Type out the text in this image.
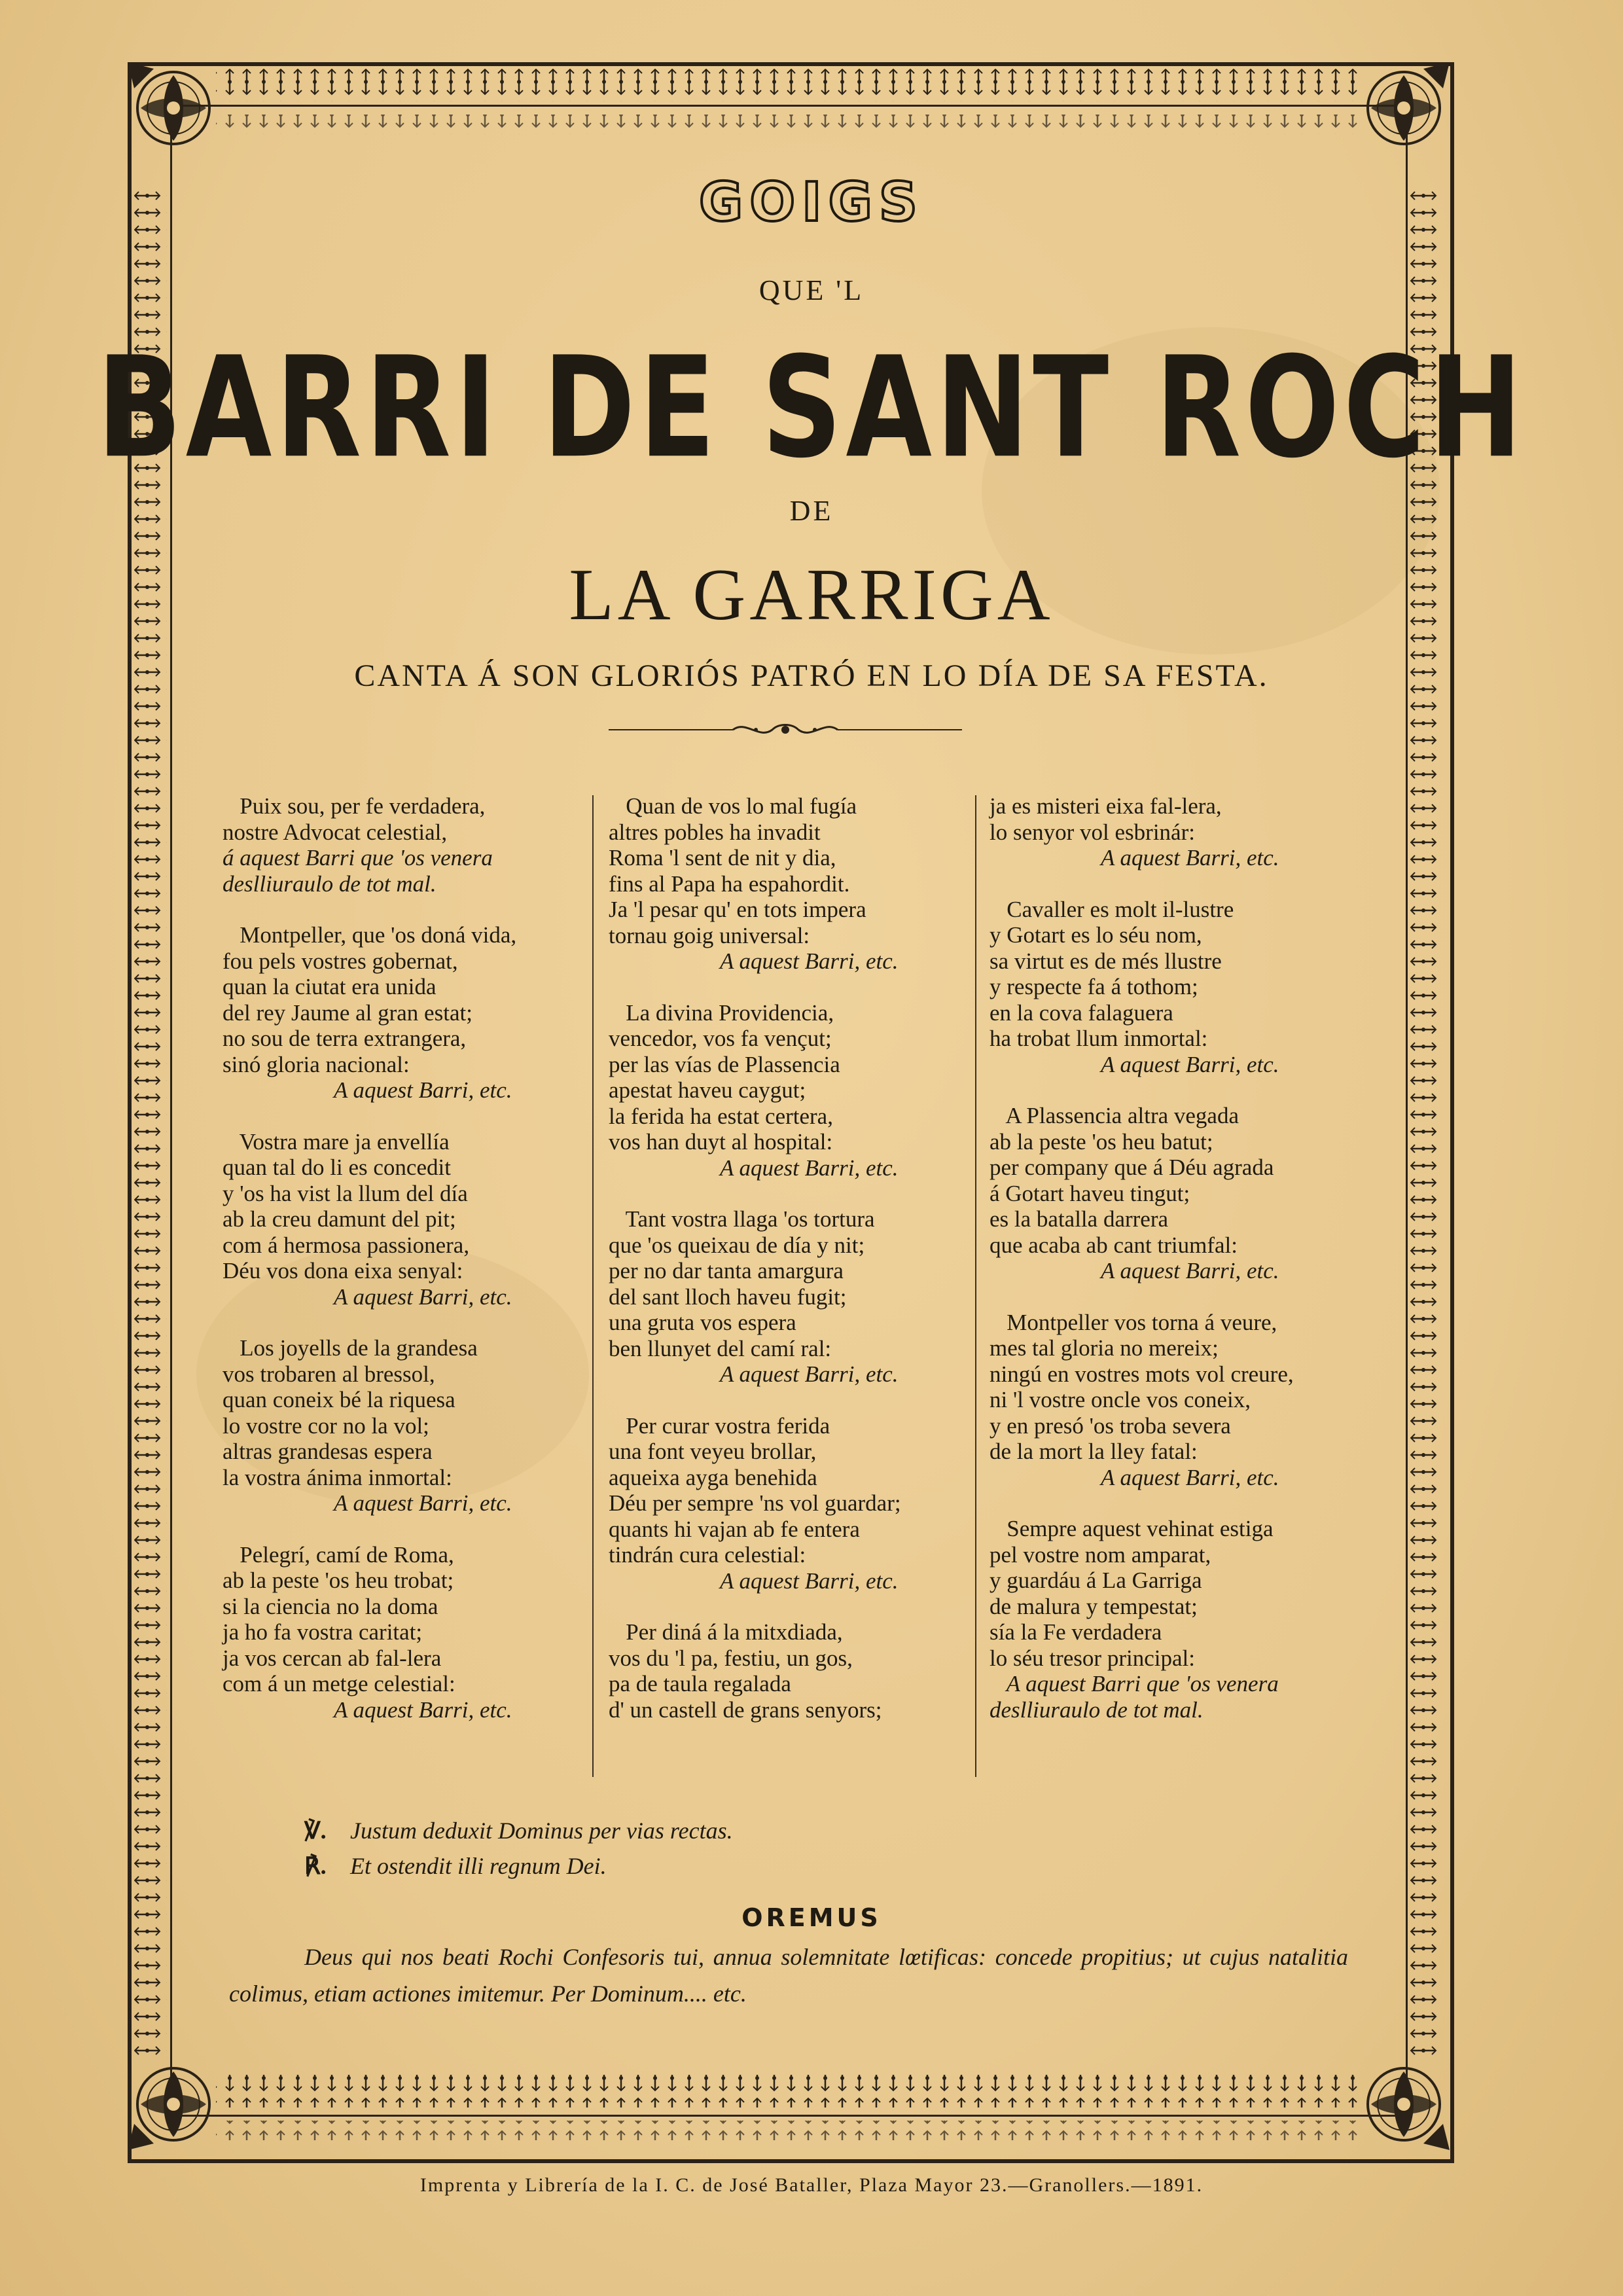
GOIGS
QUE 'L
BARRI DE SANT ROCH
DE
LA GARRIGA
CANTA Á SON GLORIÓS PATRÓ EN LO DÍA DE SA FESTA.
Puix sou, per fe verdadera,
nostre Advocat celestial,
á aquest Barri que 'os venera
deslliuraulo de tot mal.
Montpeller, que 'os doná vida,
fou pels vostres gobernat,
quan la ciutat era unida
del rey Jaume al gran estat;
no sou de terra extrangera,
sinó gloria nacional:
A aquest Barri, etc.
Vostra mare ja envellía
quan tal do li es concedit
y 'os ha vist la llum del día
ab la creu damunt del pit;
com á hermosa passionera,
Déu vos dona eixa senyal:
A aquest Barri, etc.
Los joyells de la grandesa
vos trobaren al bressol,
quan coneix bé la riquesa
lo vostre cor no la vol;
altras grandesas espera
la vostra ánima inmortal:
A aquest Barri, etc.
Pelegrí, camí de Roma,
ab la peste 'os heu trobat;
si la ciencia no la doma
ja ho fa vostra caritat;
ja vos cercan ab fal-lera
com á un metge celestial:
A aquest Barri, etc.
Quan de vos lo mal fugía
altres pobles ha invadit
Roma 'l sent de nit y dia,
fins al Papa ha espahordit.
Ja 'l pesar qu' en tots impera
tornau goig universal:
A aquest Barri, etc.
La divina Providencia,
vencedor, vos fa vençut;
per las vías de Plassencia
apestat haveu caygut;
la ferida ha estat certera,
vos han duyt al hospital:
A aquest Barri, etc.
Tant vostra llaga 'os tortura
que 'os queixau de día y nit;
per no dar tanta amargura
del sant lloch haveu fugit;
una gruta vos espera
ben llunyet del camí ral:
A aquest Barri, etc.
Per curar vostra ferida
una font veyeu brollar,
aqueixa ayga benehida
Déu per sempre 'ns vol guardar;
quants hi vajan ab fe entera
tindrán cura celestial:
A aquest Barri, etc.
Per diná á la mitxdiada,
vos du 'l pa, festiu, un gos,
pa de taula regalada
d' un castell de grans senyors;
ja es misteri eixa fal-lera,
lo senyor vol esbrinár:
A aquest Barri, etc.
Cavaller es molt il-lustre
y Gotart es lo séu nom,
sa virtut es de més llustre
y respecte fa á tothom;
en la cova falaguera
ha trobat llum inmortal:
A aquest Barri, etc.
A Plassencia altra vegada
ab la peste 'os heu batut;
per company que á Déu agrada
á Gotart haveu tingut;
es la batalla darrera
que acaba ab cant triumfal:
A aquest Barri, etc.
Montpeller vos torna á veure,
mes tal gloria no mereix;
ningú en vostres mots vol creure,
ni 'l vostre oncle vos coneix,
y en presó 'os troba severa
de la mort la lley fatal:
A aquest Barri, etc.
Sempre aquest vehinat estiga
pel vostre nom amparat,
y guardáu á La Garriga
de malura y tempestat;
sía la Fe verdadera
lo séu tresor principal:
A aquest Barri que 'os venera
deslliuraulo de tot mal.
℣. Justum deduxit Dominus per vias rectas.
℟. Et ostendit illi regnum Dei.
OREMUS
Deus qui nos beati Rochi Confesoris tui, annua solemnitate lœtificas: concede propitius; ut cujus natalitia colimus, etiam actiones imitemur. Per Dominum.... etc.
Imprenta y Librería de la I. C. de José Bataller, Plaza Mayor 23.—Granollers.—1891.
